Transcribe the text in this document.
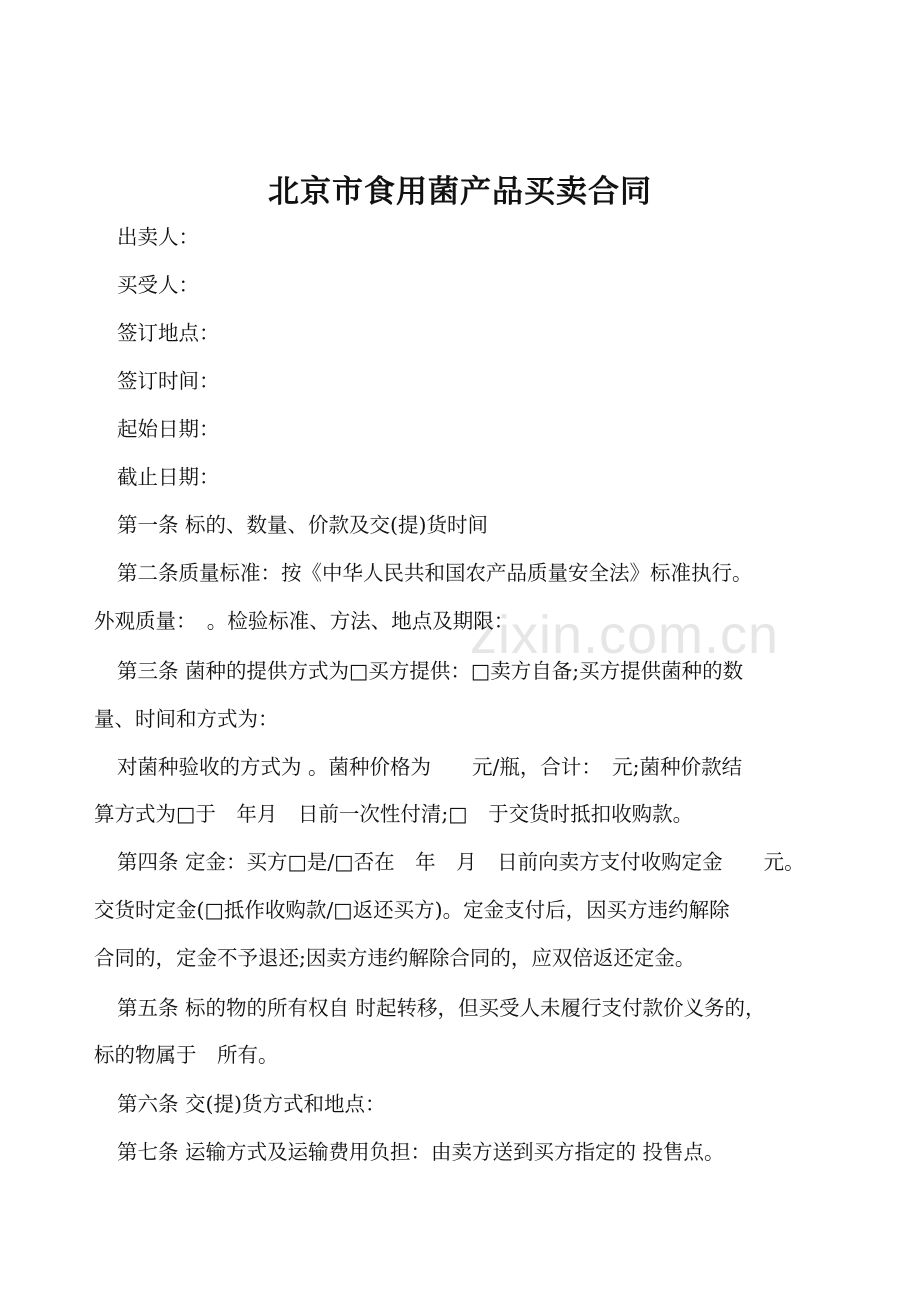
zixin.com.cn
北京市食用菌产品买卖合同
出卖人：
买受人：
签订地点：
签订时间：
起始日期：
截止日期：
第一条 标的、数量、价款及交(提)货时间
第二条质量标准：按《中华人民共和国农产品质量安全法》标准执行。
外观质量：　。检验标准、方法、地点及期限：
第三条 菌种的提供方式为□买方提供：□卖方自备;买方提供菌种的数
量、时间和方式为：
对菌种验收的方式为 。菌种价格为　　元/瓶，合计：　元;菌种价款结
算方式为□于　年月　日前一次性付清;□　于交货时抵扣收购款。
第四条 定金：买方□是/□否在　年　月　日前向卖方支付收购定金　　元。
交货时定金(□抵作收购款/□返还买方)。定金支付后，因买方违约解除
合同的，定金不予退还;因卖方违约解除合同的，应双倍返还定金。
第五条 标的物的所有权自 时起转移，但买受人未履行支付款价义务的，
标的物属于　所有。
第六条 交(提)货方式和地点：
第七条 运输方式及运输费用负担：由卖方送到买方指定的 投售点。
